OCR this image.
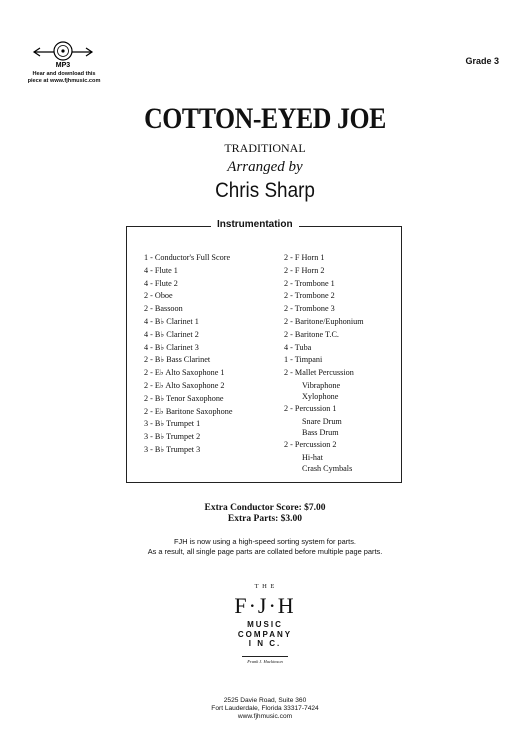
MP3
Hear and download this
piece at www.fjhmusic.com
Grade 3
COTTON-EYED JOE
TRADITIONAL
Arranged by
Chris Sharp
Instrumentation
1 - Conductor's Full Score
4 - Flute 1
4 - Flute 2
2 - Oboe
2 - Bassoon
4 - B♭ Clarinet 1
4 - B♭ Clarinet 2
4 - B♭ Clarinet 3
2 - B♭ Bass Clarinet
2 - E♭ Alto Saxophone 1
2 - E♭ Alto Saxophone 2
2 - B♭ Tenor Saxophone
2 - E♭ Baritone Saxophone
3 - B♭ Trumpet 1
3 - B♭ Trumpet 2
3 - B♭ Trumpet 3
2 - F Horn 1
2 - F Horn 2
2 - Trombone 1
2 - Trombone 2
2 - Trombone 3
2 - Baritone/Euphonium
2 - Baritone T.C.
4 - Tuba
1 - Timpani
2 - Mallet Percussion
Vibraphone
Xylophone
2 - Percussion 1
Snare Drum
Bass Drum
2 - Percussion 2
Hi-hat
Crash Cymbals
Extra Conductor Score: $7.00
Extra Parts: $3.00
FJH is now using a high-speed sorting system for parts.
As a result, all single page parts are collated before multiple page parts.
T H E
F·J·H
MUSIC
COMPANY
I N C.
Frank J. Hackinson
2525 Davie Road, Suite 360
Fort Lauderdale, Florida 33317-7424
www.fjhmusic.com
